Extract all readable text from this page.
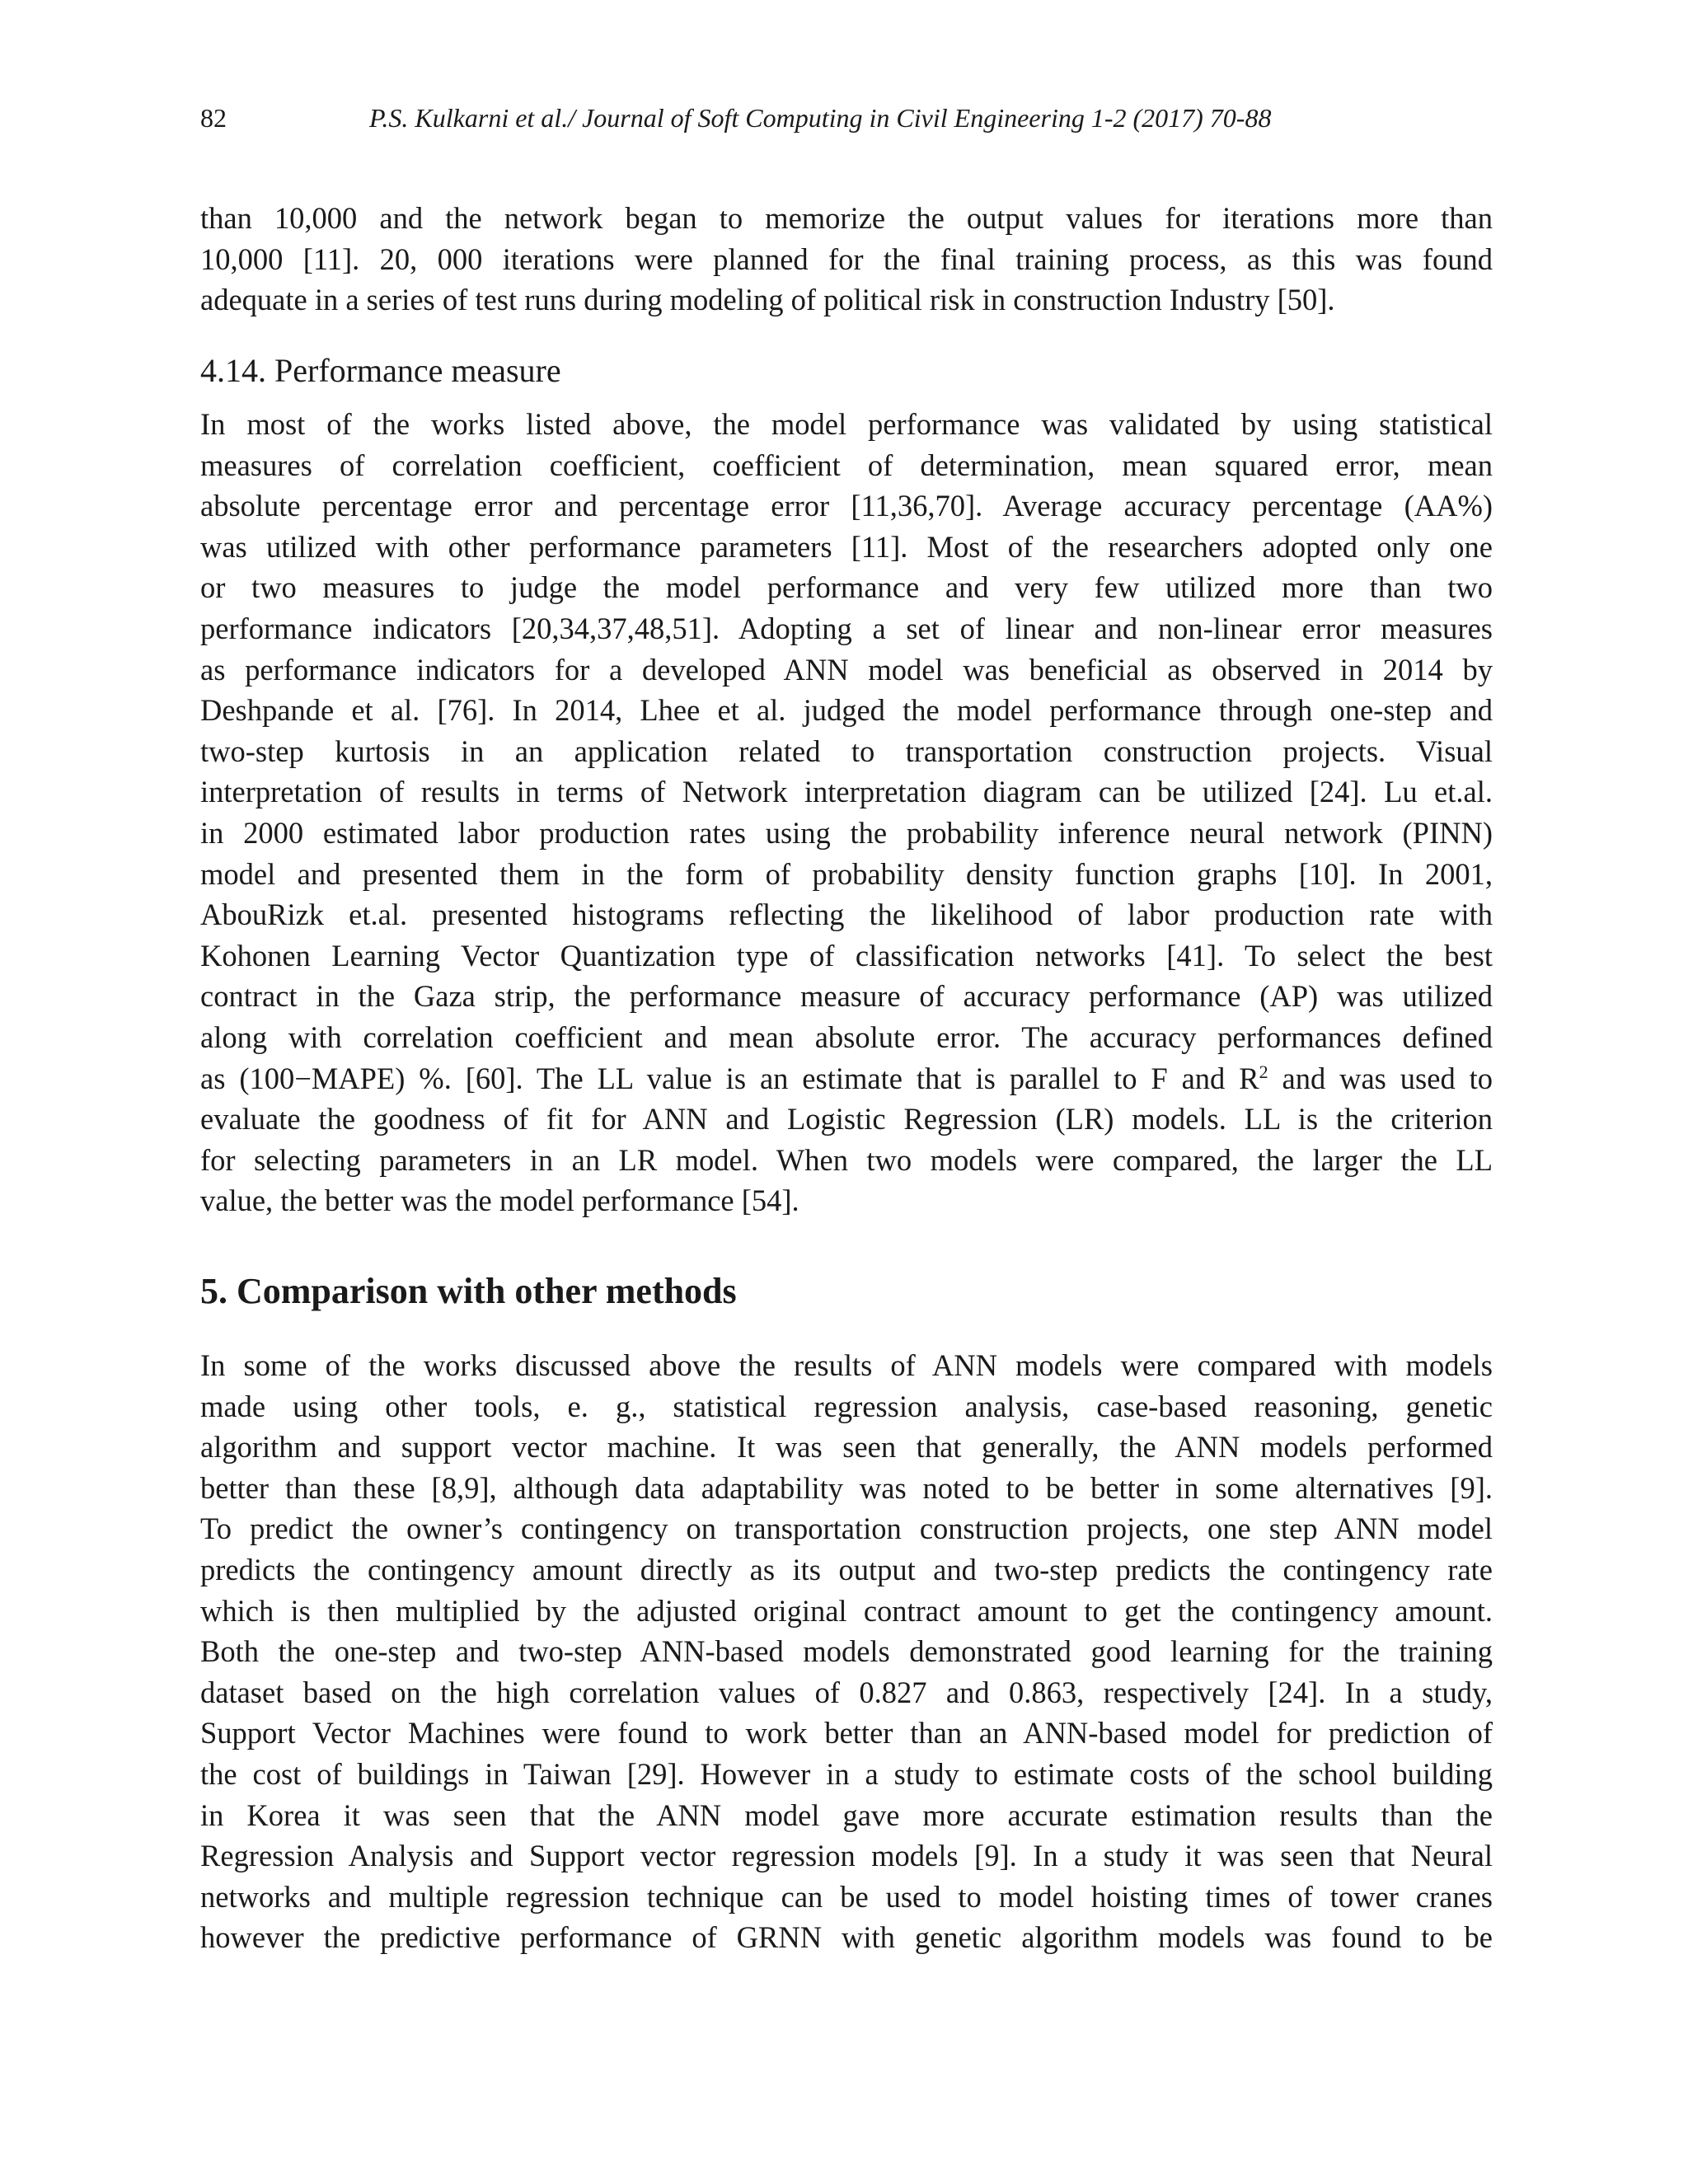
82	P.S. Kulkarni et al./ Journal of Soft Computing in Civil Engineering 1-2 (2017) 70-88
than 10,000 and the network began to memorize the output values for iterations more than
10,000 [11]. 20, 000 iterations were planned for the final training process, as this was found
adequate in a series of test runs during modeling of political risk in construction Industry [50].
4.14. Performance measure
In most of the works listed above, the model performance was validated by using statistical
measures of correlation coefficient, coefficient of determination, mean squared error, mean
absolute percentage error and percentage error [11,36,70]. Average accuracy percentage (AA%)
was utilized with other performance parameters [11]. Most of the researchers adopted only one
or two measures to judge the model performance and very few utilized more than two
performance indicators [20,34,37,48,51]. Adopting a set of linear and non-linear error measures
as performance indicators for a developed ANN model was beneficial as observed in 2014 by
Deshpande et al. [76]. In 2014, Lhee et al. judged the model performance through one-step and
two-step kurtosis in an application related to transportation construction projects. Visual
interpretation of results in terms of Network interpretation diagram can be utilized [24]. Lu et.al.
in 2000 estimated labor production rates using the probability inference neural network (PINN)
model and presented them in the form of probability density function graphs [10]. In 2001,
AbouRizk et.al. presented histograms reflecting the likelihood of labor production rate with
Kohonen Learning Vector Quantization type of classification networks [41]. To select the best
contract in the Gaza strip, the performance measure of accuracy performance (AP) was utilized
along with correlation coefficient and mean absolute error. The accuracy performances defined
as (100−MAPE) %. [60]. The LL value is an estimate that is parallel to F and $R^2$ and was used to
evaluate the goodness of fit for ANN and Logistic Regression (LR) models. LL is the criterion
for selecting parameters in an LR model. When two models were compared, the larger the LL
value, the better was the model performance [54].
5. Comparison with other methods
In some of the works discussed above the results of ANN models were compared with models
made using other tools, e. g., statistical regression analysis, case-based reasoning, genetic
algorithm and support vector machine. It was seen that generally, the ANN models performed
better than these [8,9], although data adaptability was noted to be better in some alternatives [9].
To predict the owner’s contingency on transportation construction projects, one step ANN model
predicts the contingency amount directly as its output and two-step predicts the contingency rate
which is then multiplied by the adjusted original contract amount to get the contingency amount.
Both the one-step and two-step ANN-based models demonstrated good learning for the training
dataset based on the high correlation values of 0.827 and 0.863, respectively [24]. In a study,
Support Vector Machines were found to work better than an ANN-based model for prediction of
the cost of buildings in Taiwan [29]. However in a study to estimate costs of the school building
in Korea it was seen that the ANN model gave more accurate estimation results than the
Regression Analysis and Support vector regression models [9]. In a study it was seen that Neural
networks and multiple regression technique can be used to model hoisting times of tower cranes
however the predictive performance of GRNN with genetic algorithm models was found to be
